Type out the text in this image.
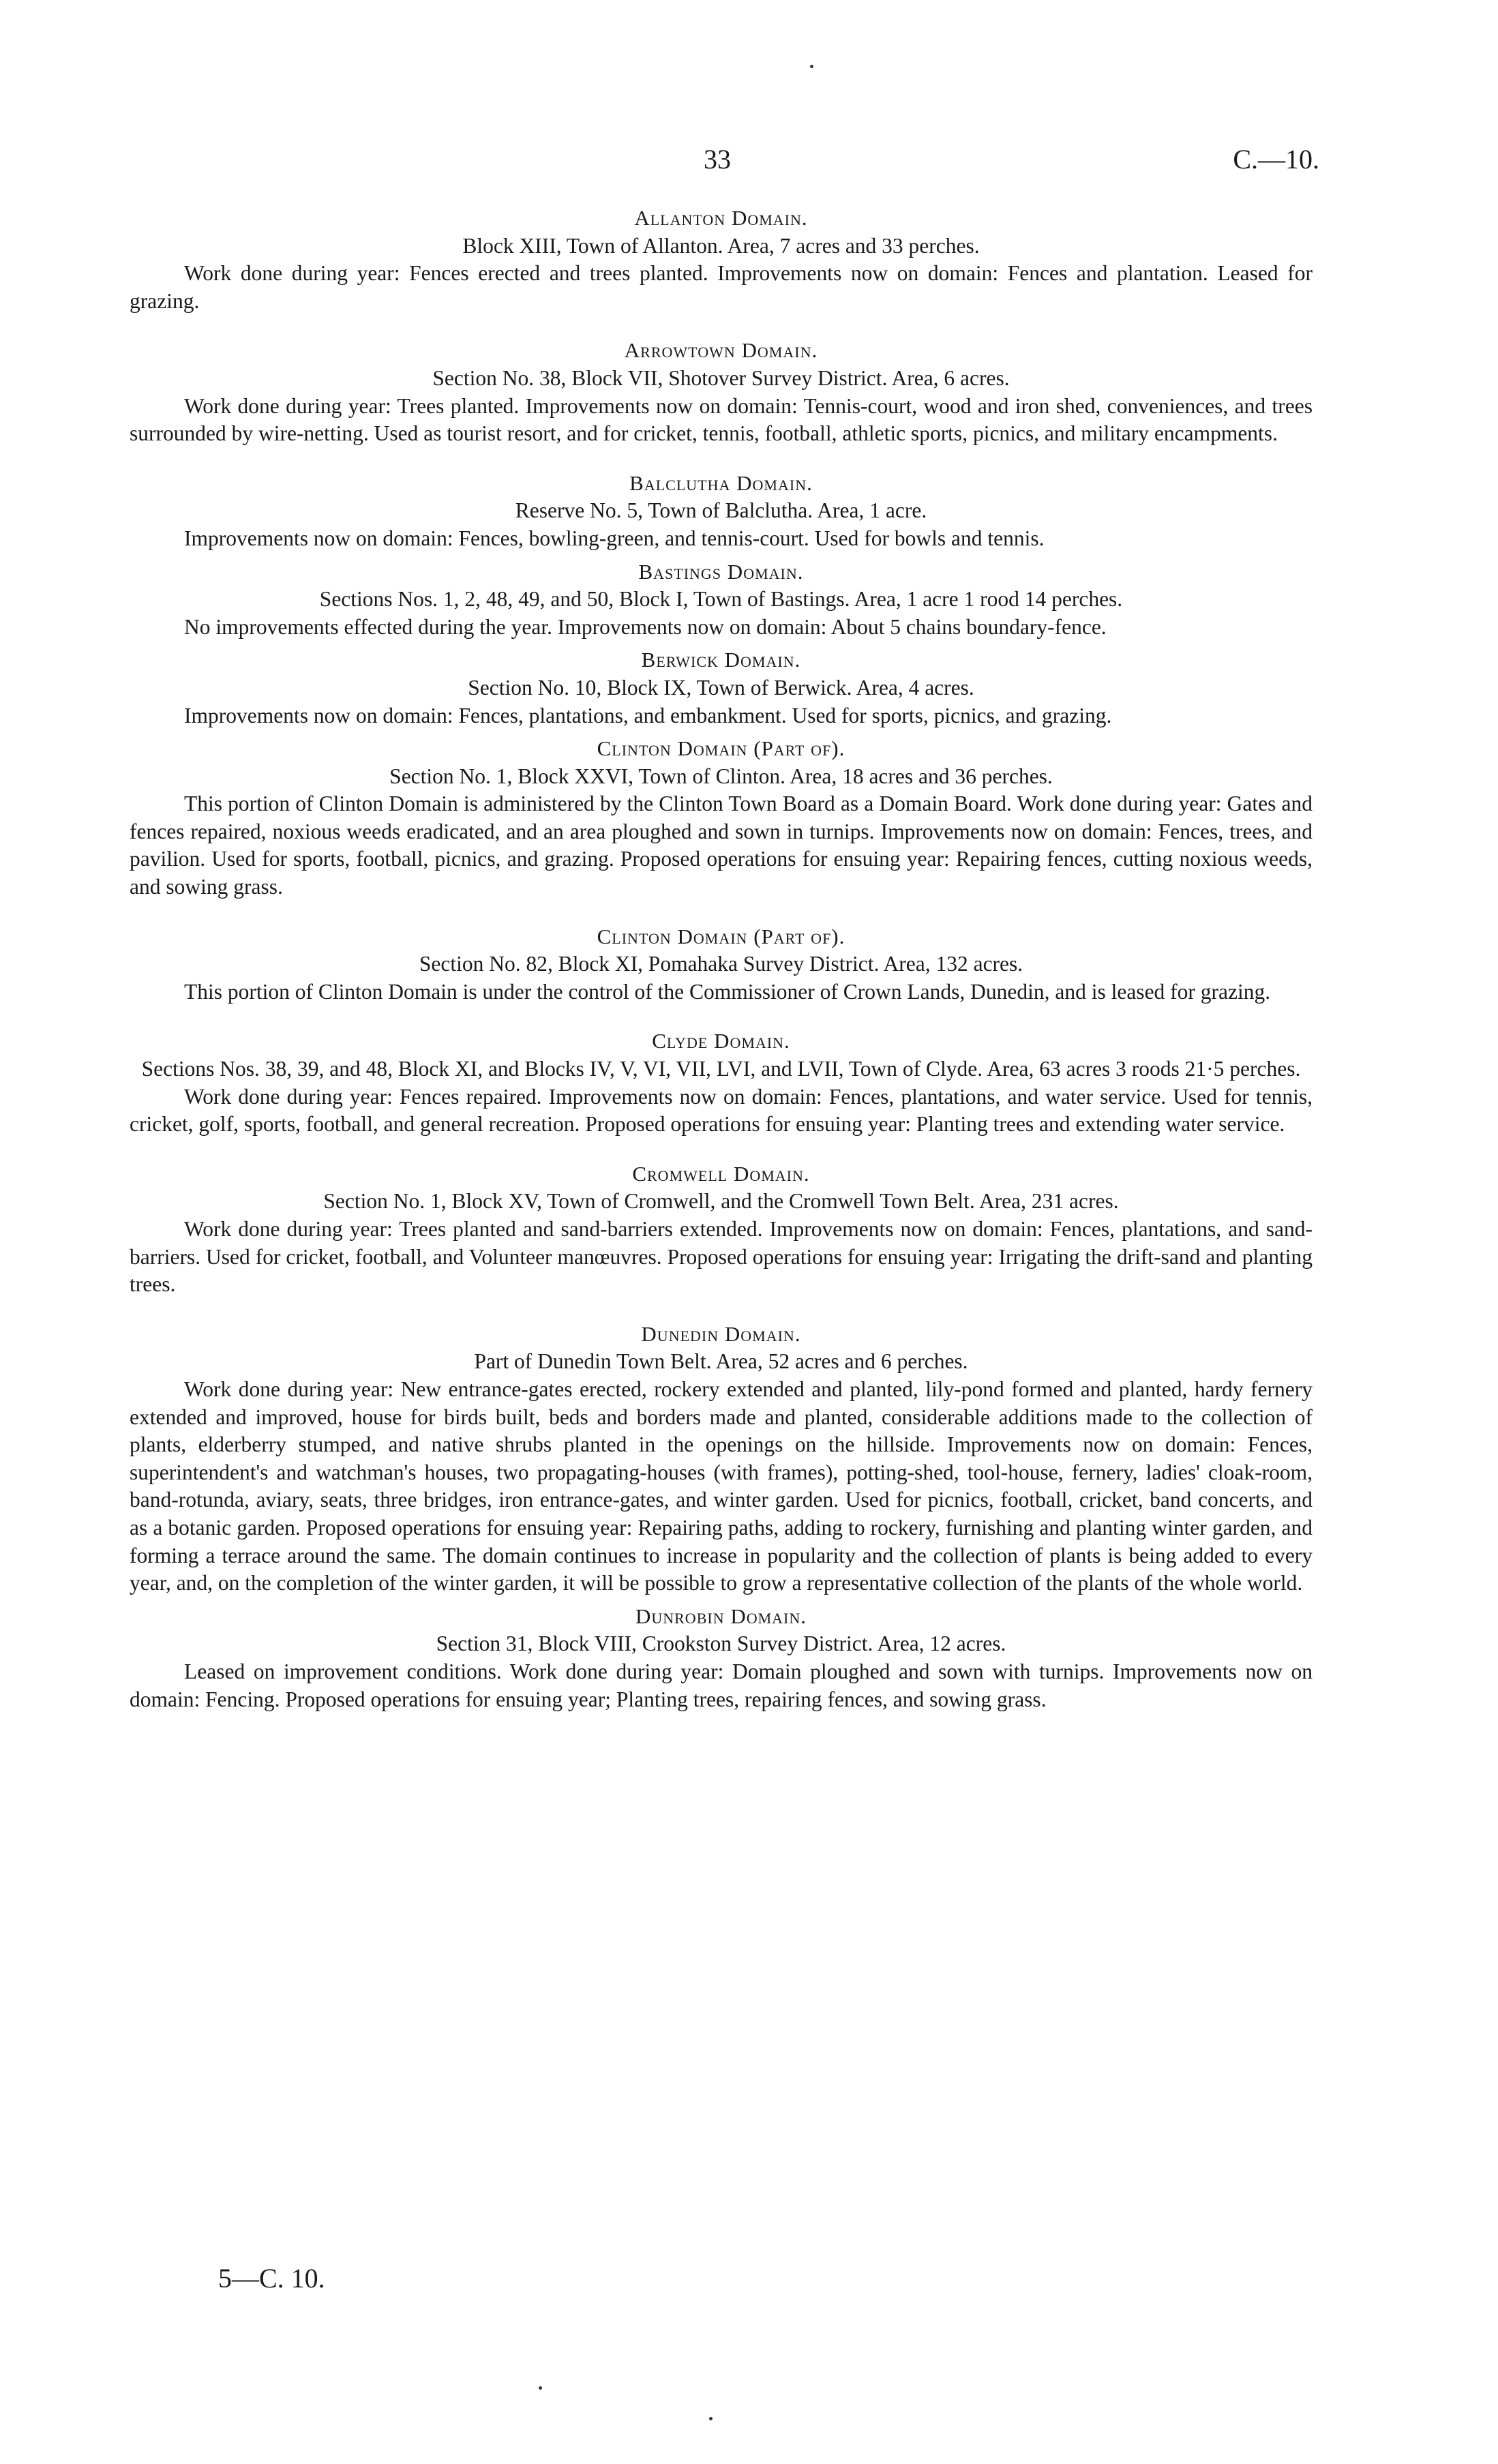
33	C.—10.

Allanton Domain.

Block XIII, Town of Allanton. Area, 7 acres and 33 perches.

Work done during year: Fences erected and trees planted. Improvements now on domain: Fences and plantation. Leased for grazing.

Arrowtown Domain.

Section No. 38, Block VII, Shotover Survey District. Area, 6 acres.

Work done during year: Trees planted. Improvements now on domain: Tennis-court, wood and iron shed, conveniences, and trees surrounded by wire-netting. Used as tourist resort, and for cricket, tennis, football, athletic sports, picnics, and military encampments.

Balclutha Domain.

Reserve No. 5, Town of Balclutha. Area, 1 acre.

Improvements now on domain: Fences, bowling-green, and tennis-court. Used for bowls and tennis.

Bastings Domain.

Sections Nos. 1, 2, 48, 49, and 50, Block I, Town of Bastings. Area, 1 acre 1 rood 14 perches.

No improvements effected during the year. Improvements now on domain: About 5 chains boundary-fence.

Berwick Domain.

Section No. 10, Block IX, Town of Berwick. Area, 4 acres.

Improvements now on domain: Fences, plantations, and embankment. Used for sports, picnics, and grazing.

Clinton Domain (Part of).

Section No. 1, Block XXVI, Town of Clinton. Area, 18 acres and 36 perches.

This portion of Clinton Domain is administered by the Clinton Town Board as a Domain Board. Work done during year: Gates and fences repaired, noxious weeds eradicated, and an area ploughed and sown in turnips. Improvements now on domain: Fences, trees, and pavilion. Used for sports, football, picnics, and grazing. Proposed operations for ensuing year: Repairing fences, cutting noxious weeds, and sowing grass.

Clinton Domain (Part of).

Section No. 82, Block XI, Pomahaka Survey District. Area, 132 acres.

This portion of Clinton Domain is under the control of the Commissioner of Crown Lands, Dunedin, and is leased for grazing.

Clyde Domain.

Sections Nos. 38, 39, and 48, Block XI, and Blocks IV, V, VI, VII, LVI, and LVII, Town of Clyde. Area, 63 acres 3 roods 21·5 perches.

Work done during year: Fences repaired. Improvements now on domain: Fences, plantations, and water service. Used for tennis, cricket, golf, sports, football, and general recreation. Proposed operations for ensuing year: Planting trees and extending water service.

Cromwell Domain.

Section No. 1, Block XV, Town of Cromwell, and the Cromwell Town Belt. Area, 231 acres.

Work done during year: Trees planted and sand-barriers extended. Improvements now on domain: Fences, plantations, and sand-barriers. Used for cricket, football, and Volunteer manœuvres. Proposed operations for ensuing year: Irrigating the drift-sand and planting trees.

Dunedin Domain.

Part of Dunedin Town Belt. Area, 52 acres and 6 perches.

Work done during year: New entrance-gates erected, rockery extended and planted, lily-pond formed and planted, hardy fernery extended and improved, house for birds built, beds and borders made and planted, considerable additions made to the collection of plants, elderberry stumped, and native shrubs planted in the openings on the hillside. Improvements now on domain: Fences, superintendent's and watchman's houses, two propagating-houses (with frames), potting-shed, tool-house, fernery, ladies' cloak-room, band-rotunda, aviary, seats, three bridges, iron entrance-gates, and winter garden. Used for picnics, football, cricket, band concerts, and as a botanic garden. Proposed operations for ensuing year: Repairing paths, adding to rockery, furnishing and planting winter garden, and forming a terrace around the same. The domain continues to increase in popularity and the collection of plants is being added to every year, and, on the completion of the winter garden, it will be possible to grow a representative collection of the plants of the whole world.

Dunrobin Domain.

Section 31, Block VIII, Crookston Survey District. Area, 12 acres.

Leased on improvement conditions. Work done during year: Domain ploughed and sown with turnips. Improvements now on domain: Fencing. Proposed operations for ensuing year; Planting trees, repairing fences, and sowing grass.

5—C. 10.
